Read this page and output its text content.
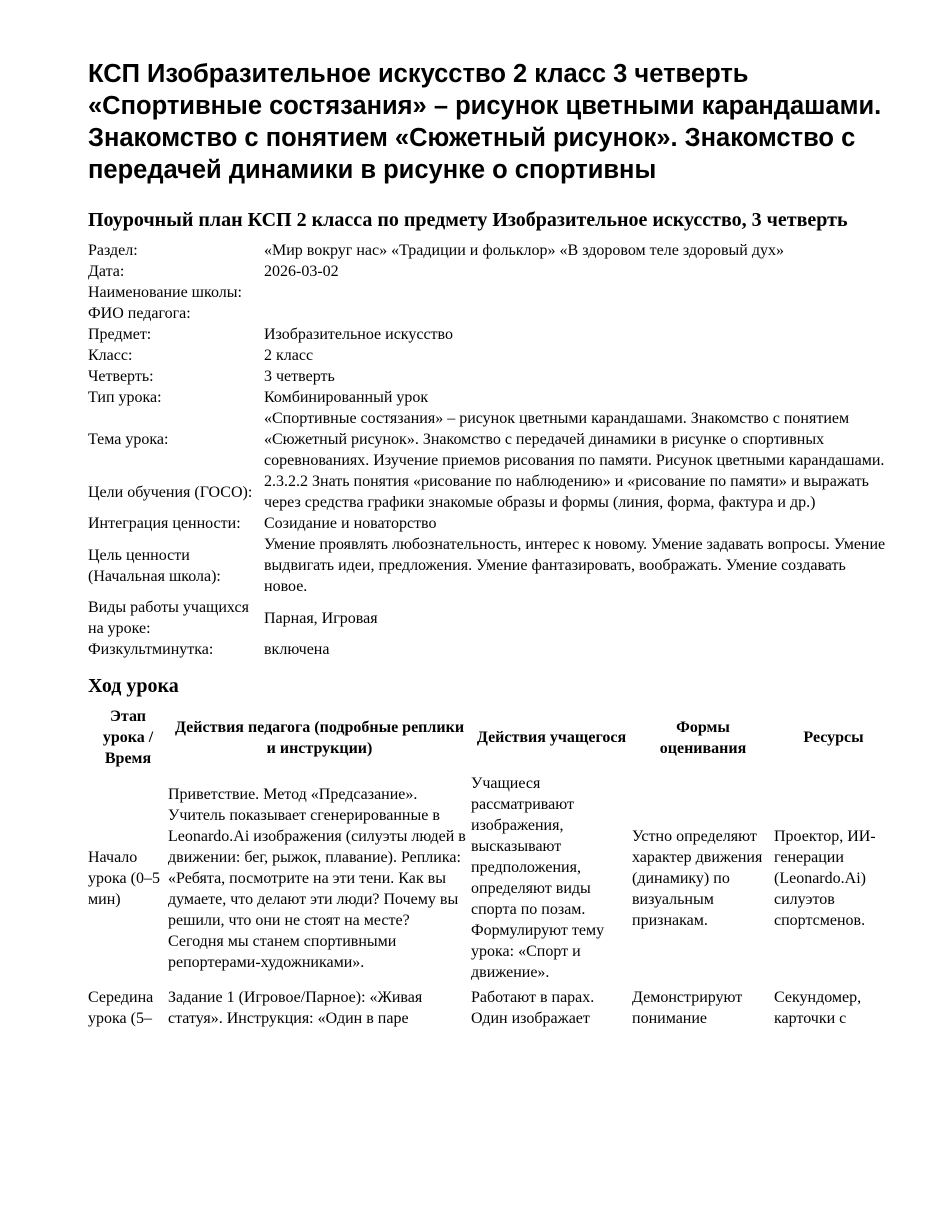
КСП Изобразительное искусство 2 класс 3 четверть «Спортивные состязания» – рисунок цветными карандашами. Знакомство с понятием «Сюжетный рисунок». Знакомство с передачей динамики в рисунке о спортивны
Поурочный план КСП 2 класса по предмету Изобразительное искусство, 3 четверть
Раздел:	«Мир вокруг нас» «Традиции и фольклор» «В здоровом теле здоровый дух»
Дата:	2026-03-02
Наименование школы:	
ФИО педагога:	
Предмет:	Изобразительное искусство
Класс:	2 класс
Четверть:	3 четверть
Тип урока:	Комбинированный урок
Тема урока:	«Спортивные состязания» – рисунок цветными карандашами. Знакомство с понятием «Сюжетный рисунок». Знакомство с передачей динамики в рисунке о спортивных соревнованиях. Изучение приемов рисования по памяти. Рисунок цветными карандашами.
Цели обучения (ГОСО):	2.3.2.2 Знать понятия «рисование по наблюдению» и «рисование по памяти» и выражать через средства графики знакомые образы и формы (линия, форма, фактура и др.)
Интеграция ценности:	Созидание и новаторство
Цель ценности (Начальная школа):	Умение проявлять любознательность, интерес к новому. Умение задавать вопросы. Умение выдвигать идеи, предложения. Умение фантазировать, воображать. Умение создавать новое.
Виды работы учащихся на уроке:	Парная, Игровая
Физкультминутка:	включена
Ход урока
Этап урока / Время	Действия педагога (подробные реплики и инструкции)	Действия учащегося	Формы оценивания	Ресурсы
Начало урока (0–5 мин)	Приветствие. Метод «Предсазание». Учитель показывает сгенерированные в Leonardo.Ai изображения (силуэты людей в движении: бег, рыжок, плавание). Реплика: «Ребята, посмотрите на эти тени. Как вы думаете, что делают эти люди? Почему вы решили, что они не стоят на месте? Сегодня мы станем спортивными репортерами-художниками».	Учащиеся рассматривают изображения, высказывают предположения, определяют виды спорта по позам. Формулируют тему урока: «Спорт и движение».	Устно определяют характер движения (динамику) по визуальным признакам.	Проектор, ИИ-генерации (Leonardo.Ai) силуэтов спортсменов.
Середина урока (5–	Задание 1 (Игровое/Парное): «Живая статуя». Инструкция: «Один в паре	Работают в парах. Один изображает	Демонстрируют понимание	Секундомер, карточки с
